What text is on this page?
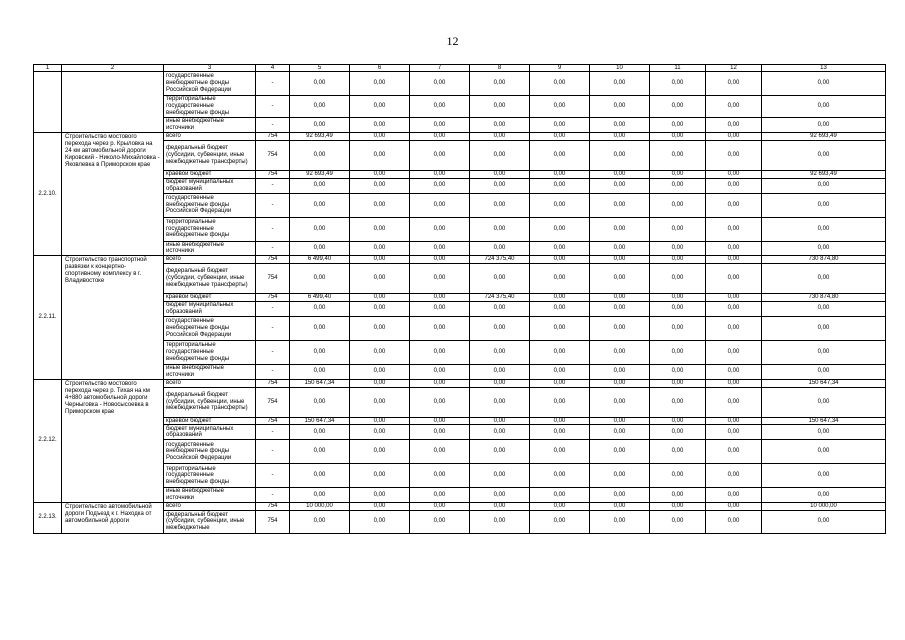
12
1	2	3	4	5	6	7	8	9	10	11	12	13
		государственные внебюджетные фонды Российской Федерации	-	0,00	0,00	0,00	0,00	0,00	0,00	0,00	0,00	0,00
		территориальные государственные внебюджетные фонды	-	0,00	0,00	0,00	0,00	0,00	0,00	0,00	0,00	0,00
		иные внебюджетные источники	-	0,00	0,00	0,00	0,00	0,00	0,00	0,00	0,00	0,00
2.2.10.	Строительство мостового перехода через р. Крыловка на 24 км автомобильной дороги Кировский - Николо-Михайловка - Яковлевка в Приморском крае	всего	754	92 693,49	0,00	0,00	0,00	0,00	0,00	0,00	0,00	92 693,49
		федеральный бюджет (субсидии, субвенции, иные межбюджетные трансферты)	754	0,00	0,00	0,00	0,00	0,00	0,00	0,00	0,00	0,00
		краевой бюджет	754	92 693,49	0,00	0,00	0,00	0,00	0,00	0,00	0,00	92 693,49
		бюджет муниципальных образований	-	0,00	0,00	0,00	0,00	0,00	0,00	0,00	0,00	0,00
		государственные внебюджетные фонды Российской Федерации	-	0,00	0,00	0,00	0,00	0,00	0,00	0,00	0,00	0,00
		территориальные государственные внебюджетные фонды	-	0,00	0,00	0,00	0,00	0,00	0,00	0,00	0,00	0,00
		иные внебюджетные источники	-	0,00	0,00	0,00	0,00	0,00	0,00	0,00	0,00	0,00
2.2.11.	Строительство транспортной развязки к концертно- спортивному комплексу в г. Владивостоке	всего	754	6 499,40	0,00	0,00	724 375,40	0,00	0,00	0,00	0,00	730 874,80
		федеральный бюджет (субсидии, субвенции, иные межбюджетные трансферты)	754	0,00	0,00	0,00	0,00	0,00	0,00	0,00	0,00	0,00
		краевой бюджет	754	6 499,40	0,00	0,00	724 375,40	0,00	0,00	0,00	0,00	730 874,80
		бюджет муниципальных образований	-	0,00	0,00	0,00	0,00	0,00	0,00	0,00	0,00	0,00
		государственные внебюджетные фонды Российской Федерации	-	0,00	0,00	0,00	0,00	0,00	0,00	0,00	0,00	0,00
		территориальные государственные внебюджетные фонды	-	0,00	0,00	0,00	0,00	0,00	0,00	0,00	0,00	0,00
		иные внебюджетные источники	-	0,00	0,00	0,00	0,00	0,00	0,00	0,00	0,00	0,00
2.2.12.	Строительство мостового перехода через р. Тихая на км 4+880 автомобильной дороги Черныговка - Новосысоевка в Приморском крае	всего	754	150 647,34	0,00	0,00	0,00	0,00	0,00	0,00	0,00	150 647,34
		федеральный бюджет (субсидии, субвенции, иные межбюджетные трансферты)	754	0,00	0,00	0,00	0,00	0,00	0,00	0,00	0,00	0,00
		краевой бюджет	754	150 647,34	0,00	0,00	0,00	0,00	0,00	0,00	0,00	150 647,34
		бюджет муниципальных образований	-	0,00	0,00	0,00	0,00	0,00	0,00	0,00	0,00	0,00
		государственные внебюджетные фонды Российской Федерации	-	0,00	0,00	0,00	0,00	0,00	0,00	0,00	0,00	0,00
		территориальные государственные внебюджетные фонды	-	0,00	0,00	0,00	0,00	0,00	0,00	0,00	0,00	0,00
		иные внебюджетные источники	-	0,00	0,00	0,00	0,00	0,00	0,00	0,00	0,00	0,00
2.2.13.	Строительство автомобильной дороги Подъезд к г. Находка от автомобильной дороги	всего	754	10 000,00	0,00	0,00	0,00	0,00	0,00	0,00	0,00	10 000,00
		федеральный бюджет (субсидии, субвенции, иные межбюджетные	754	0,00	0,00	0,00	0,00	0,00	0,00	0,00	0,00	0,00
